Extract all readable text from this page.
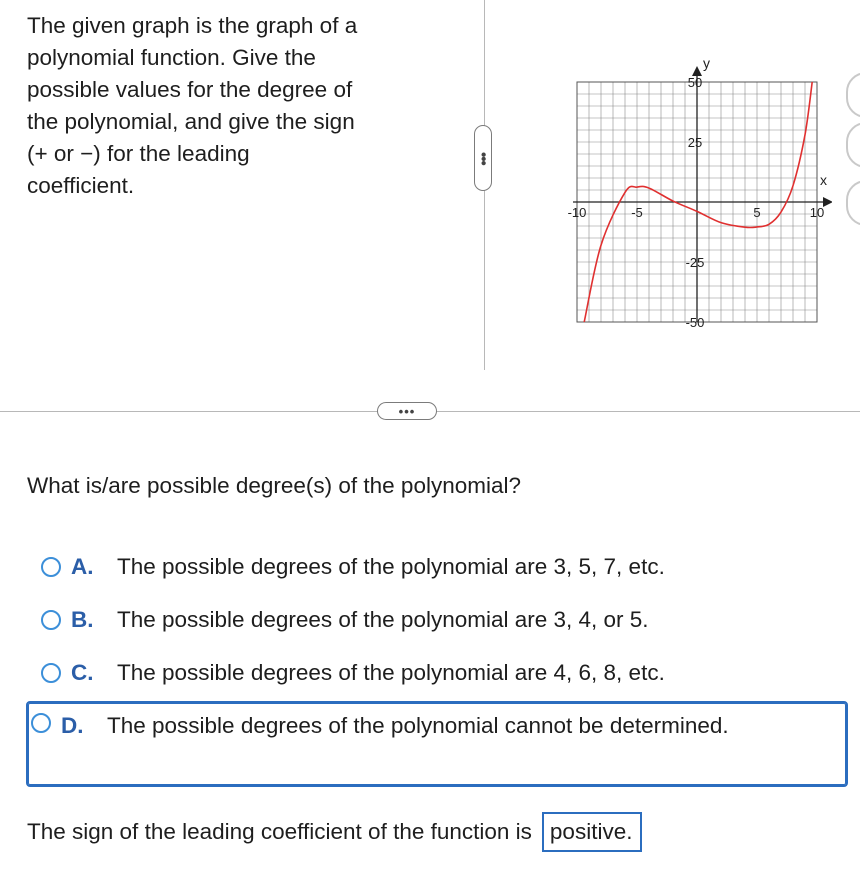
The given graph is the graph of a

polynomial function. Give the

possible values for the degree of

the polynomial, and give the sign

(+ or −) for the leading

coefficient.

•••
-10	-5	5	10
50
25
-25
-50
x
y
•••
What is/are possible degree(s) of the polynomial?
A.	The possible degrees of the polynomial are 3, 5, 7, etc.
B.	The possible degrees of the polynomial are 3, 4, or 5.
C.	The possible degrees of the polynomial are 4, 6, 8, etc.
D.	The possible degrees of the polynomial cannot be determined.
The sign of the leading coefficient of the function is positive.
